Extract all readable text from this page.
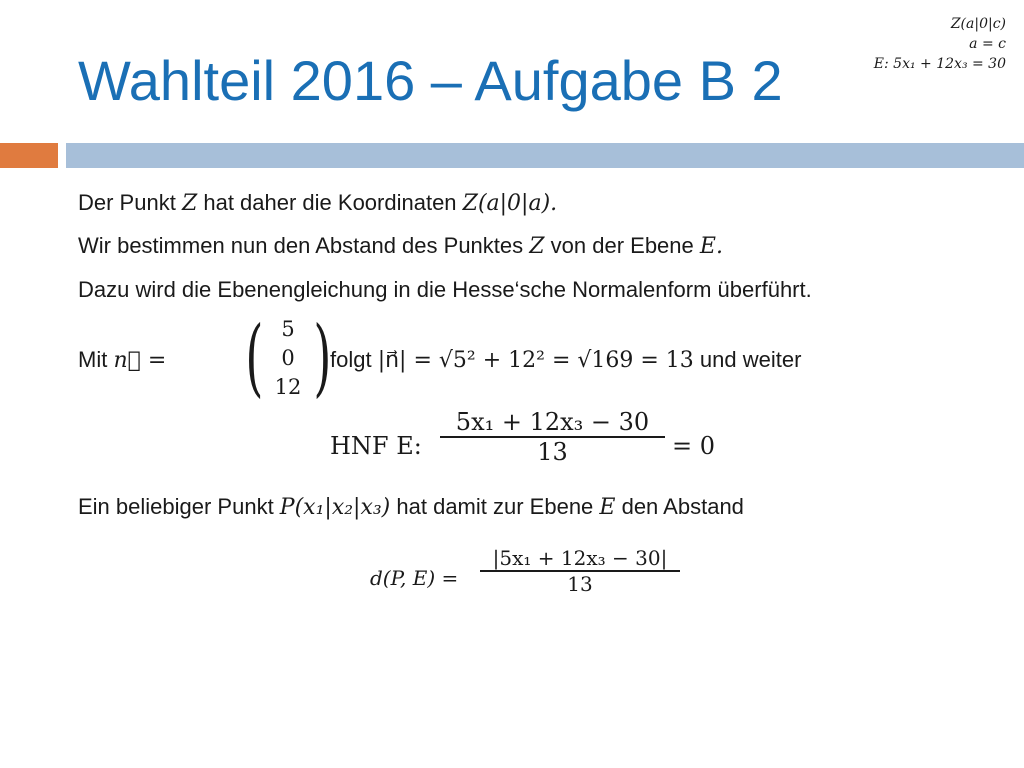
Wahlteil 2016 – Aufgabe B 2
Z(a|0|c)
a = c
E: 5x₁ + 12x₃ = 30
Der Punkt Z hat daher die Koordinaten Z(a|0|a).
Wir bestimmen nun den Abstand des Punktes Z von der Ebene E.
Dazu wird die Ebenengleichung in die Hesse‘sche Normalenform überführt.
Mit n⃗ = ( 5
0
12 )
folgt |n⃗| = √5² + 12² = √169 = 13 und weiter
HNF E:
5x₁ + 12x₃ − 30
13	= 0
Ein beliebiger Punkt P(x₁|x₂|x₃) hat damit zur Ebene E den Abstand
d(P, E) =
|5x₁ + 12x₃ − 30|
13
